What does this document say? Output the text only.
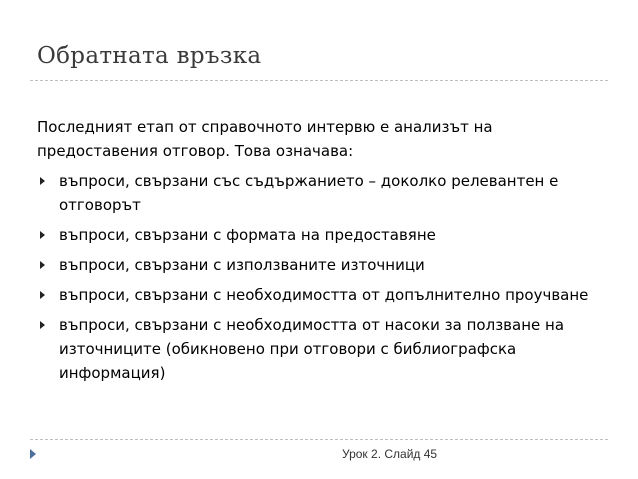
Обратната връзка

Последният етап от справочното интервю е анализът на предоставения отговор. Това означава:

въпроси, свързани със съдържанието – доколко релевантен е отговорът
въпроси, свързани с формата на предоставяне
въпроси, свързани с използваните източници
въпроси, свързани с необходимостта от допълнително проучване
въпроси, свързани с необходимостта от насоки за ползване на източниците (обикновено при отговори с библиографска информация)
Урок 2. Слайд 45
